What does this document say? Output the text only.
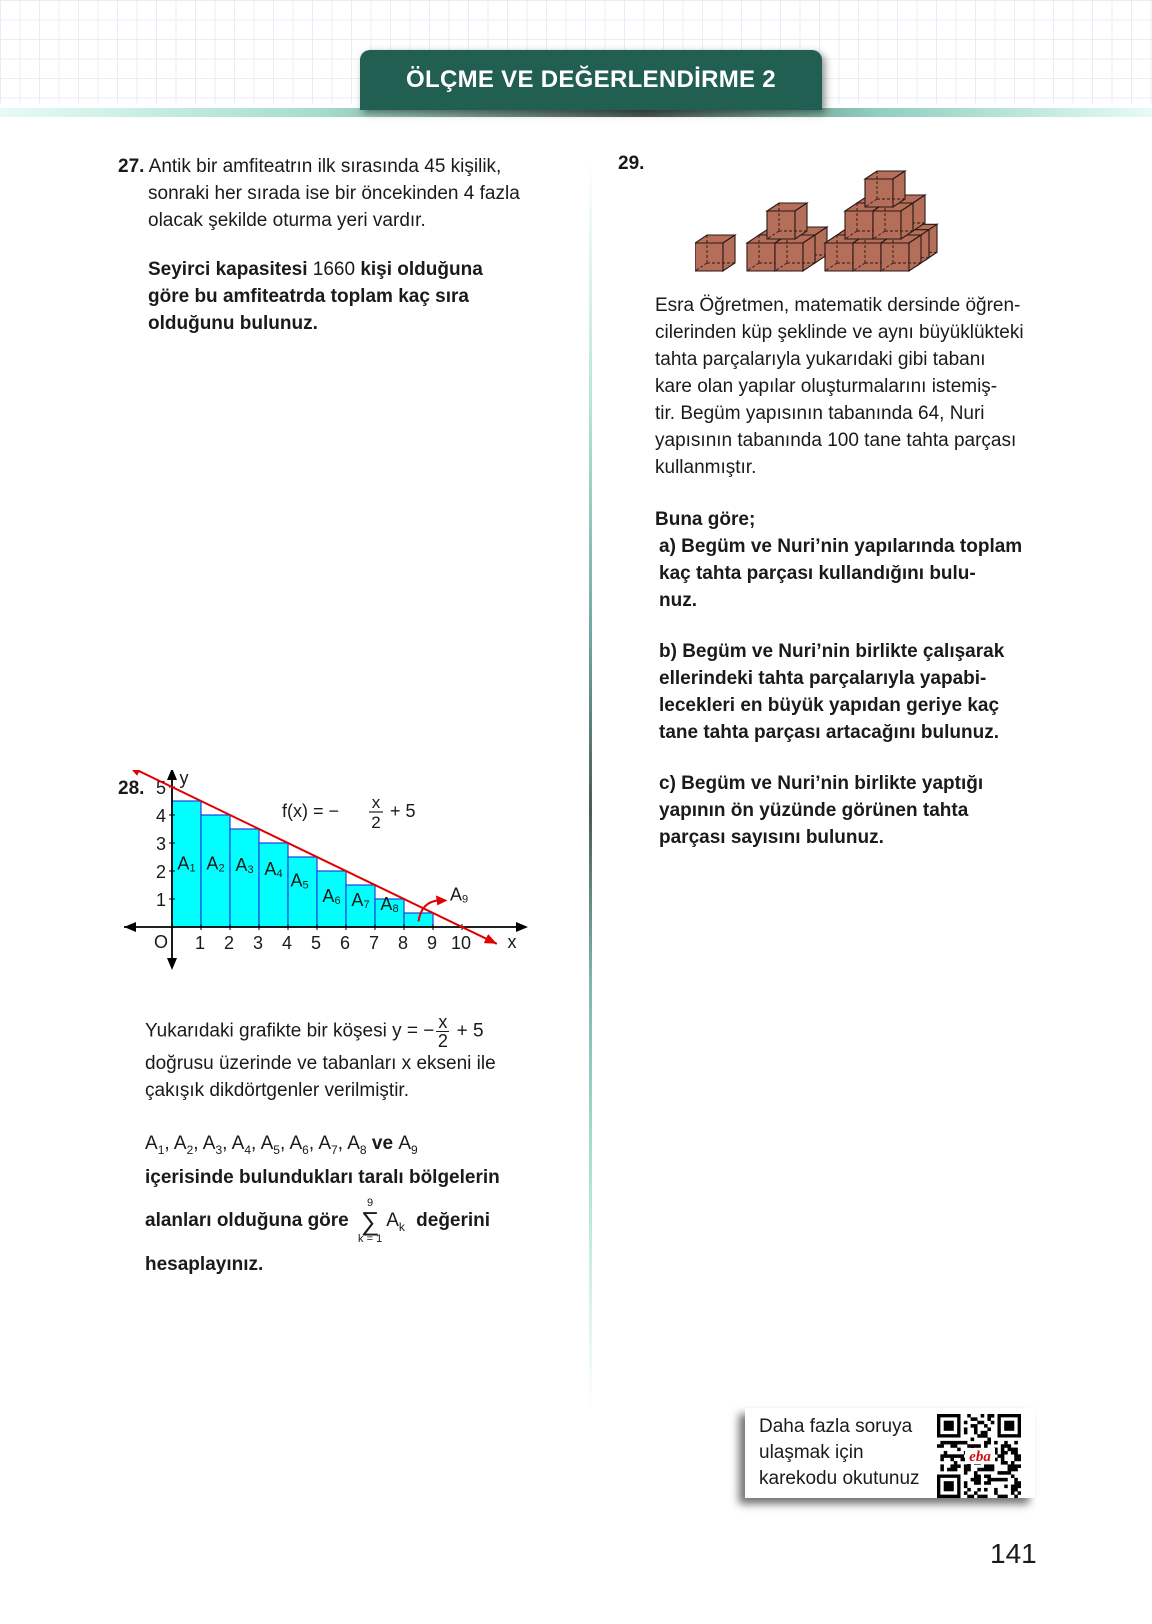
ÖLÇME VE DEĞERLENDİRME 2
27. Antik bir amfiteatrın ilk sırasında 45 kişilik,
sonraki her sırada ise bir öncekinden 4 fazla
olacak şekilde oturma yeri vardır.
Seyirci kapasitesi 1660 kişi olduğuna
göre bu amfiteatrda toplam kaç sıra
olduğunu bulunuz.
29.
Esra Öğretmen, matematik dersinde öğren-
cilerinden küp şeklinde ve aynı büyüklükteki
tahta parçalarıyla yukarıdaki gibi tabanı
kare olan yapılar oluşturmalarını istemiş-
tir. Begüm yapısının tabanında 64, Nuri
yapısının tabanında 100 tane tahta parçası
kullanmıştır.
Buna göre;
a) Begüm ve Nuri’nin yapılarında toplam
kaç tahta parçası kullandığını bulu-
nuz.
b) Begüm ve Nuri’nin birlikte çalışarak
ellerindeki tahta parçalarıyla yapabi-
lecekleri en büyük yapıdan geriye kaç
tane tahta parçası artacağını bulunuz.
c) Begüm ve Nuri’nin birlikte yaptığı
yapının ön yüzünde görünen tahta
parçası sayısını bulunuz.
28. y
x
O 1 2 3 4 5 6 7 8 9 10
1
2
3
4
5
f(x) = − x
2
+ 5
A1 A2 A3 A4 A5
A6 A7 A8
A9
Yukarıdaki grafikte bir köşesi y = − $\frac{x}{2} + 5$
doğrusu üzerinde ve tabanları x ekseni ile
çakışık dikdörtgenler verilmiştir.
$A_1$, $A_2$, $A_3$, $A_4$, $A_5$, $A_6$, $A_7$, $A_8$ ve $A_9$
içerisinde bulundukları taralı bölgelerin
alanları olduğuna göre
9
∑
k = 1
$A_k$ değerini
hesaplayınız.
Daha fazla soruya
ulaşmak için
karekodu okutunuz
eba
141
